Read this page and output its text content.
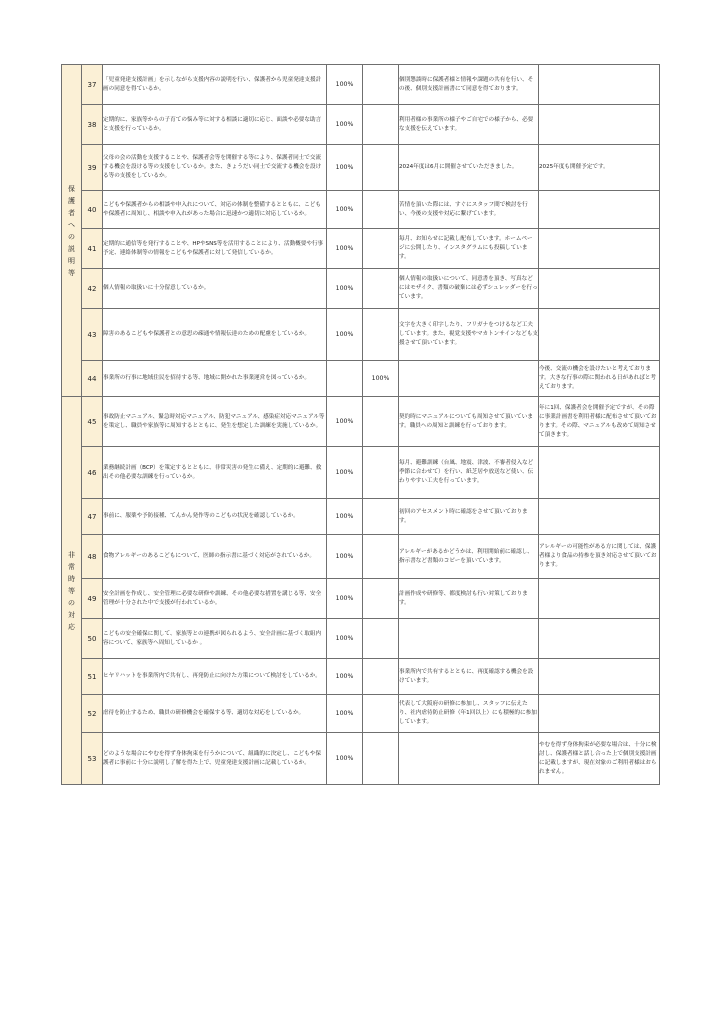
保護者への説明等	37	「児童発達支援計画」を示しながら支援内容の説明を行い、保護者から児童発達支援計画の同意を得ているか。	100%		個別懇談時に保護者様と情報や課題の共有を行い、その後、個別支援計画書にて同意を得ております。	
	38	定期的に、家族等からの子育ての悩み等に対する相談に適切に応じ、面談や必要な助言と支援を行っているか。	100%		利用者様の事業所の様子やご自宅での様子から、必要な支援を伝えています。	
	39	父母の会の活動を支援することや、保護者会等を開催する等により、保護者同士で交流する機会を設ける等の支援をしているか。また、きょうだい同士で交流する機会を設ける等の支援をしているか。	100%		2024年度は6月に開催させていただきました。	2025年度も開催予定です。
	40	こどもや保護者からの相談や申入れについて、対応の体制を整備するとともに、こどもや保護者に周知し、相談や申入れがあった場合に迅速かつ適切に対応しているか。	100%		苦情を頂いた際には、すぐにスタッフ間で検討を行い、今後の支援や対応に繋げています。	
	41	定期的に通信等を発行することや、HPやSNS等を活用することにより、活動概要や行事予定、連絡体制等の情報をこどもや保護者に対して発信しているか。	100%		毎月、お知らせに記載し配布しています。ホームページに公開したり、インスタグラムにも投稿しています。	
	42	個人情報の取扱いに十分留意しているか。	100%		個人情報の取扱いについて、同意書を頂き、写真などにはモザイク、書類の破棄には必ずシュレッダーを行っています。	
	43	障害のあるこどもや保護者との意思の疎通や情報伝達のための配慮をしているか。	100%		文字を大きく印字したり、フリガナをつけるなど工夫しています。また、視覚支援やマカトンサインなども支援させて頂いています。	
	44	事業所の行事に地域住民を招待する等、地域に開かれた事業運営を図っているか。		100%		今後、交流の機会を設けたいと考えております。大きな行事の際に関われる日があればと考えております。

非常時等の対応	45	事故防止マニュアル、緊急時対応マニュアル、防犯マニュアル、感染症対応マニュアル等を策定し、職員や家族等に周知するとともに、発生を想定した訓練を実施しているか。	100%		契約時にマニュアルについても周知させて頂いています。職員への周知と訓練を行っております。	年に1回、保護者会を開催予定ですが、その際に事業計画書を利用者様に配布させて頂いております。その際、マニュアルも改めて周知させて頂きます。
	46	業務継続計画（BCP）を策定するとともに、非常災害の発生に備え、定期的に避難、救出その他必要な訓練を行っているか。	100%		毎月、避難訓練（台風、地震、津波、不審者侵入など季節に合わせて）を行い、紙芝居や放送など使い、伝わりやすい工夫を行っています。	
	47	事前に、服薬や予防接種、てんかん発作等のこどもの状況を確認しているか。	100%		初回のアセスメント時に確認をさせて頂いております。	
	48	食物アレルギーのあるこどもについて、医師の指示書に基づく対応がされているか。	100%		アレルギーがあるかどうかは、利用開始前に確認し、指示書など書類のコピーを頂いています。	アレルギーの可能性がある方に関しては、保護者様より食品の持参を頂き対応させて頂いております。
	49	安全計画を作成し、安全管理に必要な研修や訓練、その他必要な措置を講じる等、安全管理が十分された中で支援が行われているか。	100%		計画作成や研修等、都度検討も行い対策しております。	
	50	こどもの安全確保に関して、家族等との連携が図られるよう、安全計画に基づく取組内容について、家族等へ周知しているか 。	100%			
	51	ヒヤリハットを事業所内で共有し、再発防止に向けた方策について検討をしているか。	100%		事業所内で共有するとともに、再度確認する機会を設けています。	
	52	虐待を防止するため、職員の研修機会を確保する等、適切な対応をしているか。	100%		代表して大阪府の研修に参加し、スタッフに伝えたり、社内虐待防止研修（年1回以上）にも積極的に参加しています。	
	53	どのような場合にやむを得ず身体拘束を行うかについて、組織的に決定し、こどもや保護者に事前に十分に説明し了解を得た上で、児童発達支援計画に記載しているか。	100%			やむを得ず身体拘束が必要な場合は、十分に検討し、保護者様と話し合った上で個別支援計画に記載しますが、現在対象のご利用者様はおられません。
